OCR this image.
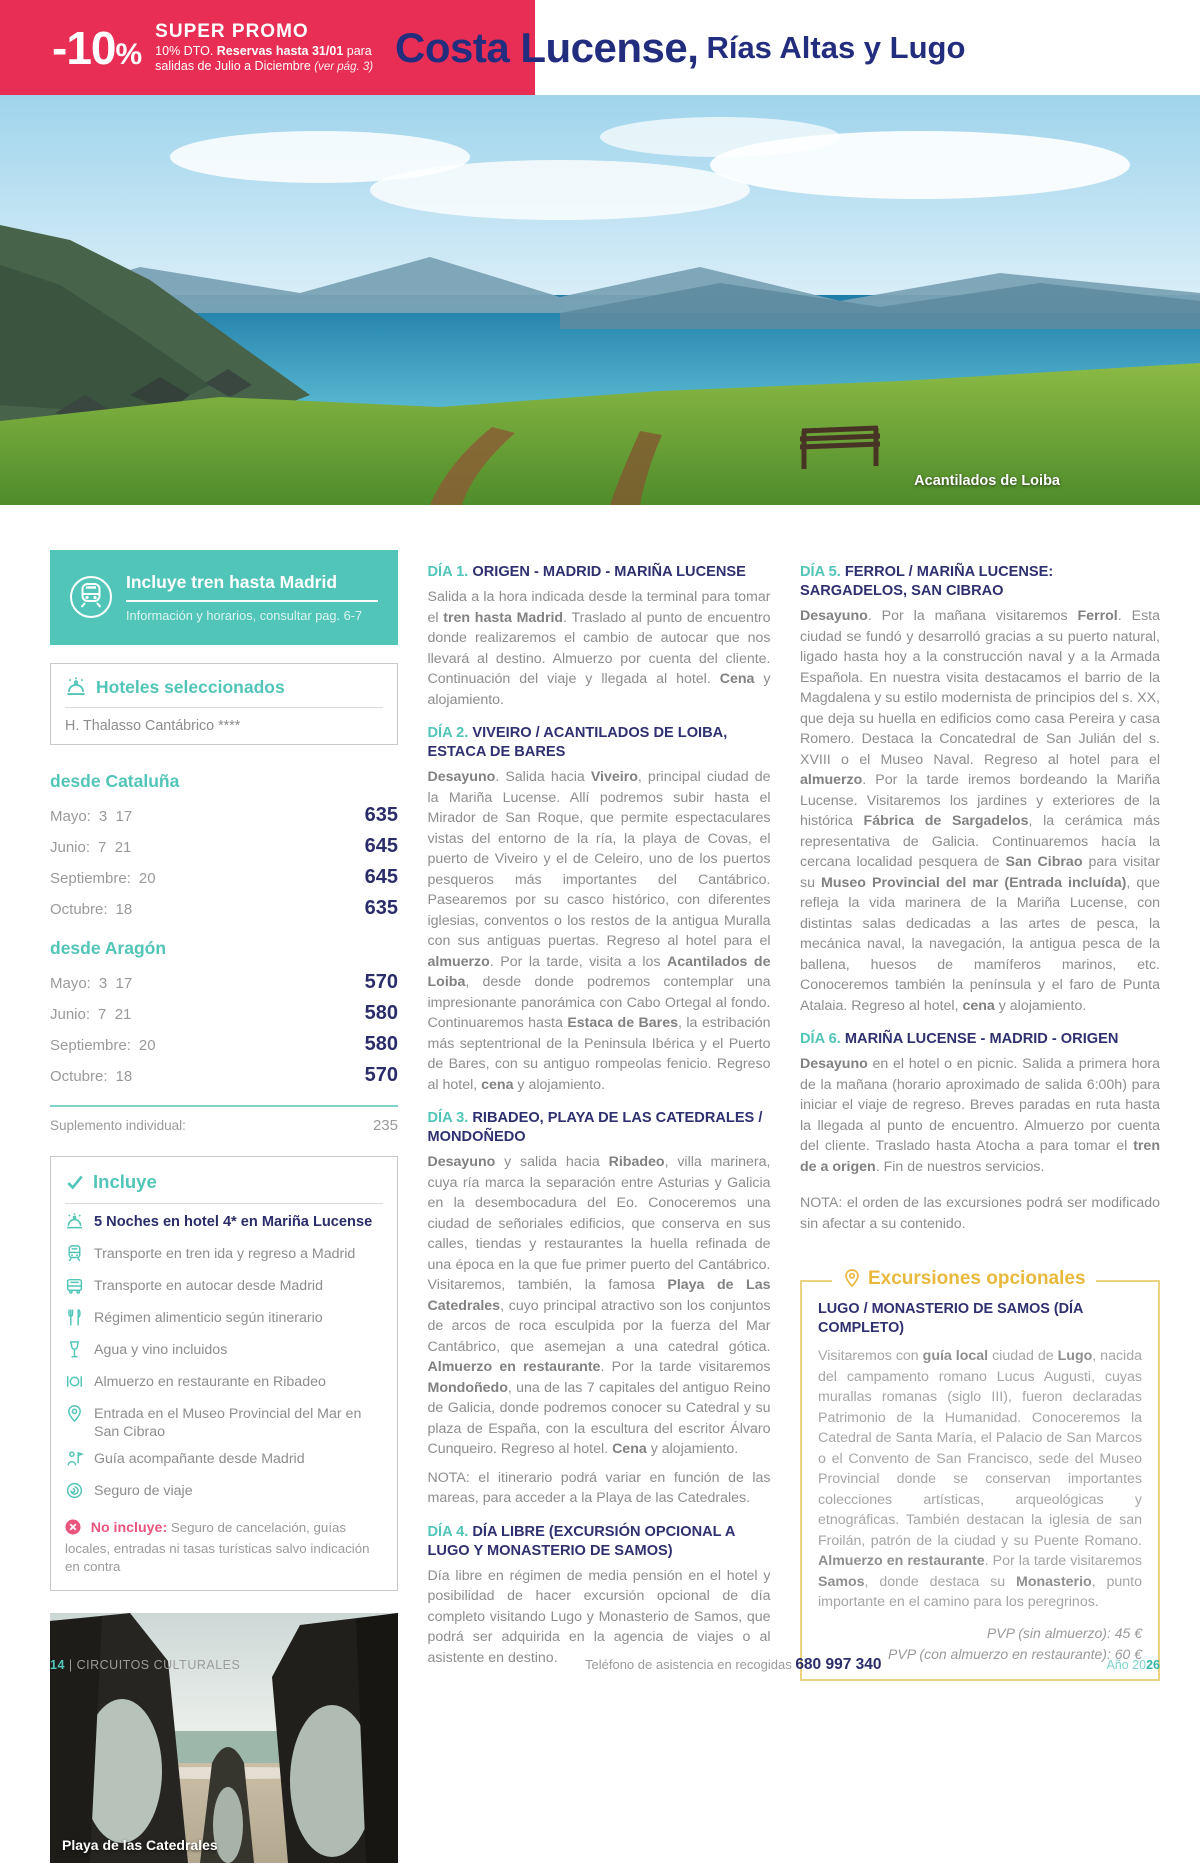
-10%
SUPER PROMO
10% DTO. Reservas hasta 31/01 para
salidas de Julio a Diciembre (ver pág. 3) Costa Lucense, Rías Altas y Lugo
Acantilados de Loiba
Incluye tren hasta Madrid
Información y horarios, consultar pag. 6-7
Hoteles seleccionados
H. Thalasso Cantábrico ****
desde Cataluña
Mayo: 3  17	635
Junio: 7  21	645
Septiembre: 20	645
Octubre: 18	635
desde Aragón
Mayo: 3  17	570
Junio: 7  21	580
Septiembre: 20	580
Octubre: 18	570
Suplemento individual:	235
Incluye
5 Noches en hotel 4* en Mariña Lucense
Transporte en tren ida y regreso a Madrid
Transporte en autocar desde Madrid
Régimen alimenticio según itinerario
Agua y vino incluidos
Almuerzo en restaurante en Ribadeo
Entrada en el Museo Provincial del Mar en San Cibrao
Guía acompañante desde Madrid
Seguro de viaje
No incluye: Seguro de cancelación, guías locales, entradas ni tasas turísticas salvo indicación en contra
Playa de las Catedrales
DÍA 1. ORIGEN - MADRID - MARIÑA LUCENSE

Salida a la hora indicada desde la terminal para tomar el tren hasta Madrid. Traslado al punto de encuentro donde realizaremos el cambio de autocar que nos llevará al destino. Almuerzo por cuenta del cliente. Continuación del viaje y llegada al hotel. Cena y alojamiento.

DÍA 2. VIVEIRO / ACANTILADOS DE LOIBA, ESTACA DE BARES

Desayuno. Salida hacia Viveiro, principal ciudad de la Mariña Lucense. Allí podremos subir hasta el Mirador de San Roque, que permite espectaculares vistas del entorno de la ría, la playa de Covas, el puerto de Viveiro y el de Celeiro, uno de los puertos pesqueros más importantes del Cantábrico. Pasearemos por su casco histórico, con diferentes iglesias, conventos o los restos de la antigua Muralla con sus antiguas puertas. Regreso al hotel para el almuerzo. Por la tarde, visita a los Acantilados de Loiba, desde donde podremos contemplar una impresionante panorámica con Cabo Ortegal al fondo. Continuaremos hasta Estaca de Bares, la estribación más septentrional de la Peninsula Ibérica y el Puerto de Bares, con su antiguo rompeolas fenicio. Regreso al hotel, cena y alojamiento.

DÍA 3. RIBADEO, PLAYA DE LAS CATEDRALES / MONDOÑEDO

Desayuno y salida hacia Ribadeo, villa marinera, cuya ría marca la separación entre Asturias y Galicia en la desembocadura del Eo. Conoceremos una ciudad de señoriales edificios, que conserva en sus calles, tiendas y restaurantes la huella refinada de una época en la que fue primer puerto del Cantábrico. Visitaremos, también, la famosa Playa de Las Catedrales, cuyo principal atractivo son los conjuntos de arcos de roca esculpida por la fuerza del Mar Cantábrico, que asemejan a una catedral gótica. Almuerzo en restaurante. Por la tarde visitaremos Mondoñedo, una de las 7 capitales del antiguo Reino de Galicia, donde podremos conocer su Catedral y su plaza de España, con la escultura del escritor Álvaro Cunqueiro. Regreso al hotel. Cena y alojamiento.

NOTA: el itinerario podrá variar en función de las mareas, para acceder a la Playa de las Catedrales.

DÍA 4. DÍA LIBRE (EXCURSIÓN OPCIONAL A LUGO Y MONASTERIO DE SAMOS)

Día libre en régimen de media pensión en el hotel y posibilidad de hacer excursión opcional de día completo visitando Lugo y Monasterio de Samos, que podrá ser adquirida en la agencia de viajes o al asistente en destino.

DÍA 5. FERROL / MARIÑA LUCENSE: SARGADELOS, SAN CIBRAO

Desayuno. Por la mañana visitaremos Ferrol. Esta ciudad se fundó y desarrolló gracias a su puerto natural, ligado hasta hoy a la construcción naval y a la Armada Española. En nuestra visita destacamos el barrio de la Magdalena y su estilo modernista de principios del s. XX, que deja su huella en edificios como casa Pereira y casa Romero. Destaca la Concatedral de San Julián del s. XVIII o el Museo Naval. Regreso al hotel para el almuerzo. Por la tarde iremos bordeando la Mariña Lucense. Visitaremos los jardines y exteriores de la histórica Fábrica de Sargadelos, la cerámica más representativa de Galicia. Continuaremos hacía la cercana localidad pesquera de San Cibrao para visitar su Museo Provincial del mar (Entrada incluída), que refleja la vida marinera de la Mariña Lucense, con distintas salas dedicadas a las artes de pesca, la mecánica naval, la navegación, la antigua pesca de la ballena, huesos de mamíferos marinos, etc. Conoceremos también la península y el faro de Punta Atalaia. Regreso al hotel, cena y alojamiento.

DÍA 6. MARIÑA LUCENSE - MADRID - ORIGEN

Desayuno en el hotel o en picnic. Salida a primera hora de la mañana (horario aproximado de salida 6:00h) para iniciar el viaje de regreso. Breves paradas en ruta hasta la llegada al punto de encuentro. Almuerzo por cuenta del cliente. Traslado hasta Atocha a para tomar el tren de a origen. Fin de nuestros servicios.

NOTA: el orden de las excursiones podrá ser modificado sin afectar a su contenido.

Excursiones opcionales
LUGO / MONASTERIO DE SAMOS (DÍA COMPLETO)

Visitaremos con guía local ciudad de Lugo, nacida del campamento romano Lucus Augusti, cuyas murallas romanas (siglo III), fueron declaradas Patrimonio de la Humanidad. Conoceremos la Catedral de Santa María, el Palacio de San Marcos o el Convento de San Francisco, sede del Museo Provincial donde se conservan importantes colecciones artísticas, arqueológicas y etnográficas. También destacan la iglesia de san Froilán, patrón de la ciudad y su Puente Romano. Almuerzo en restaurante. Por la tarde visitaremos Samos, donde destaca su Monasterio, punto importante en el camino para los peregrinos.

PVP (sin almuerzo): 45 €
PVP (con almuerzo en restaurante): 60 €
14 | CIRCUITOS CULTURALES	Teléfono de asistencia en recogidas 680 997 340	Año 2026
